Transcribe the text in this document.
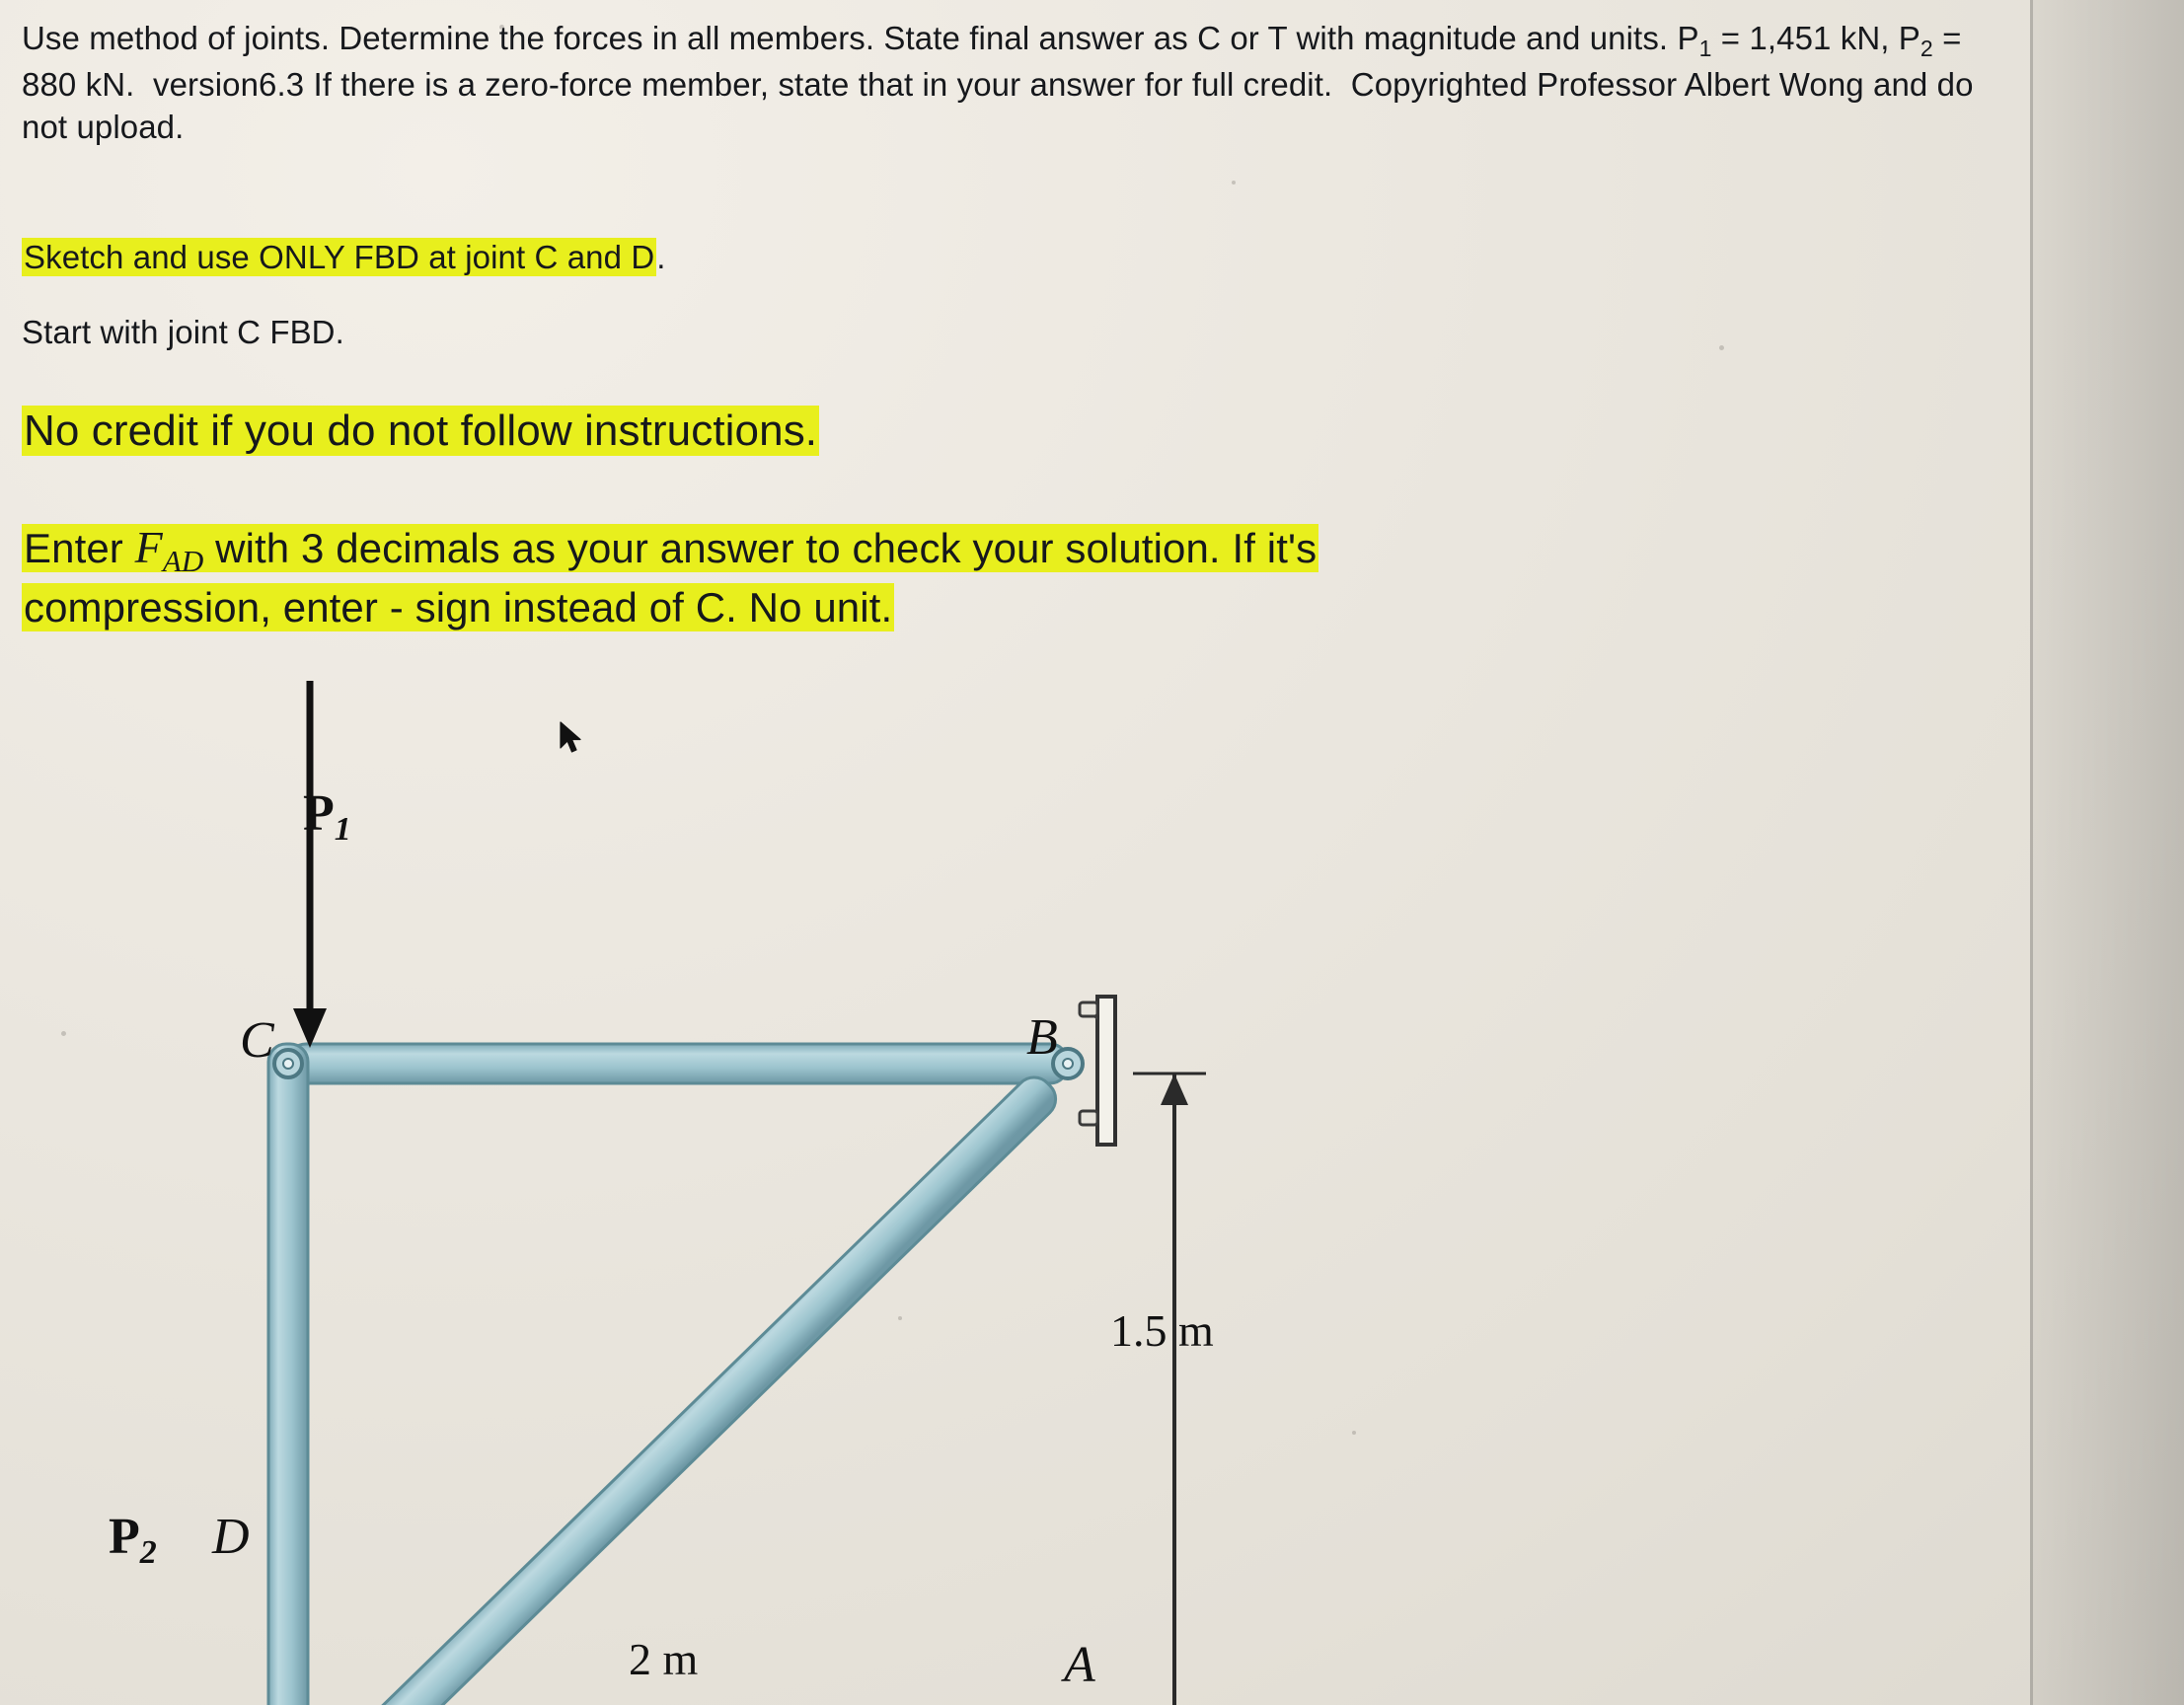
Use method of joints. Determine the forces in all members. State final answer as C or T with magnitude and units. $P_1 = 1,451$ kN, $P_2 = 880$ kN.  version6.3 If there is a zero-force member, state that in your answer for full credit.  Copyrighted Professor Albert Wong and do not upload.
Sketch and use ONLY FBD at joint C and D.
Start with joint C FBD.
No credit if you do not follow instructions.
Enter FAD with 3 decimals as your answer to check your solution. If it's
compression, enter - sign instead of C. No unit.
P1
P2
C
D
B
A
1.5 m
2 m
